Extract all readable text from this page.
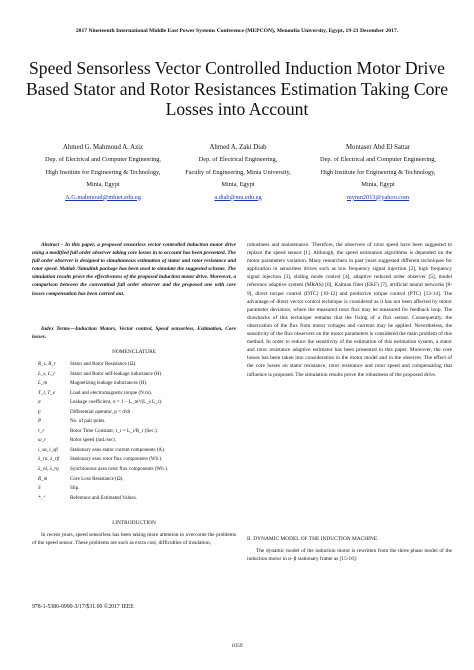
2017 Nineteenth International Middle East Power Systems Conference (MEPCON), Menoufia University, Egypt, 19-21 December 2017.
Speed Sensorless Vector Controlled Induction Motor Drive Based Stator and Rotor Resistances Estimation Taking Core Losses into Account
Ahmed G. Mahmoud A. Aziz
Dep. of Electrical and Computer Engineering,
High Institute for Engineering & Technology,
Minia, Egypt
A.G.mahmoud@mhiet.edu.eg
Ahmed A. Zaki Diab
Dep. of Electrical Engineering,
Faculty of Engineering, Minia University,
Minia, Egypt
a.diab@mu.edu.eg
Montaser Abd El Sattar
Dep. of Electrical and Computer Engineering,
High Institute for Engineering & Technology,
Minia, Egypt
mymn2013@yahoo.com

Abstract - In this paper, a proposed sensorless vector controlled induction motor drive using a modified full order observer taking core losses in to account has been presented. The full order observer is designed to simultaneous estimation of stator and rotor resistance and rotor speed. Matlab /Simulink package has been used to simulate the suggested scheme. The simulation results prove the effectiveness of the proposed induction motor drive. Moreover, a comparison between the conventinal full order observer and the proposed one with core losses compensation has been carried out.

Index Terms—Induction Motors, Vector control, Speed sensorless, Estimation, Core losses.

NOMENCLATURE
R_s, R_r	Stator and Rotor Resistance (Ω).
L_s, L_r	Stator and Rotor self-leakage inductance (H).
L_m	Magnetizing leakage inductances (H).
T_l, T_e	Load and electromagnetic torque (N.m).
σ	Leakage coefficient, σ = 1 − L_m²/(L_s L_r).
p	Differential operator, p = d/dt
P	No. of pair poles.
τ_r	Rotor Time Constant, τ_r = L_r/R_r (Sec.).
ω_r	Rotor speed (rad./sec).
i_sα, i_sβ	Stationary axes stator current components (A).
λ_rα, λ_rβ	Stationary axes rotor flux components (Wb.).
λ_rd, λ_rq	Synchronous axes rotor flux components (Wb.).
R_m	Core Loss Resistance (Ω).
S	Slip.
*, ^	Reference and Estimated Values.
I.INTRODUCTION

In recent years, speed sensorless has been taking more attention to overcome the problems of the speed sensor. These problems are such as extra cost, difficulties of insulation,

robustness and maintenance. Therefore, the observers of rotor speed have been suggested to replace the speed sensor [1]. Although, the speed estimation algorithms is depended on the motor parameters variation. Many researchers in past years suggested different techniques for application in sensorless drives such as low frequency signal injection [2], high frequency signal injection [3], sliding mode control [4], adaptive reduced order observer [5], model reference adaptive system (MRAS) [6], Kalman filter (EKF) [7], artificial neural networks [8-9], direct torque control (DTC) [10-12] and predictive torque control (PTC) [13-14]. The advantage of direct vector control technique is considered as it has not been affected by motor parameter deviation, where the measured rotor flux may be measured for feedback loop. The drawbacks of this technique remains that the fixing of a flux sensor. Consequently, the observation of the flux from motor voltages and currents may be applied. Nevertheless, the sensitivity of the flux observers on the motor parameters is considered the main problem of this method. In order to reduce the sensitivity of the estimation of this estimation system, a stator and rotor resistance adaptive estimator has been presented in this paper. Moreover, the core losses has been taken into consideration in the motor model and in the observer. The effect of the core losses on stator resistance, rotor resistance and rotor speed and compensating that influence is proposed. The simulation results prove the robustness of the proposed drive.

II. DYNAMIC MODEL OF THE INDUCTION MACHINE

The dynamic model of the induction motor is rewritten from the three phase model of the induction motor in α–β stationary frame as [15-16]:

978-1-5386-0990-3/17/$31.00 ©2017 IEEE
1059
